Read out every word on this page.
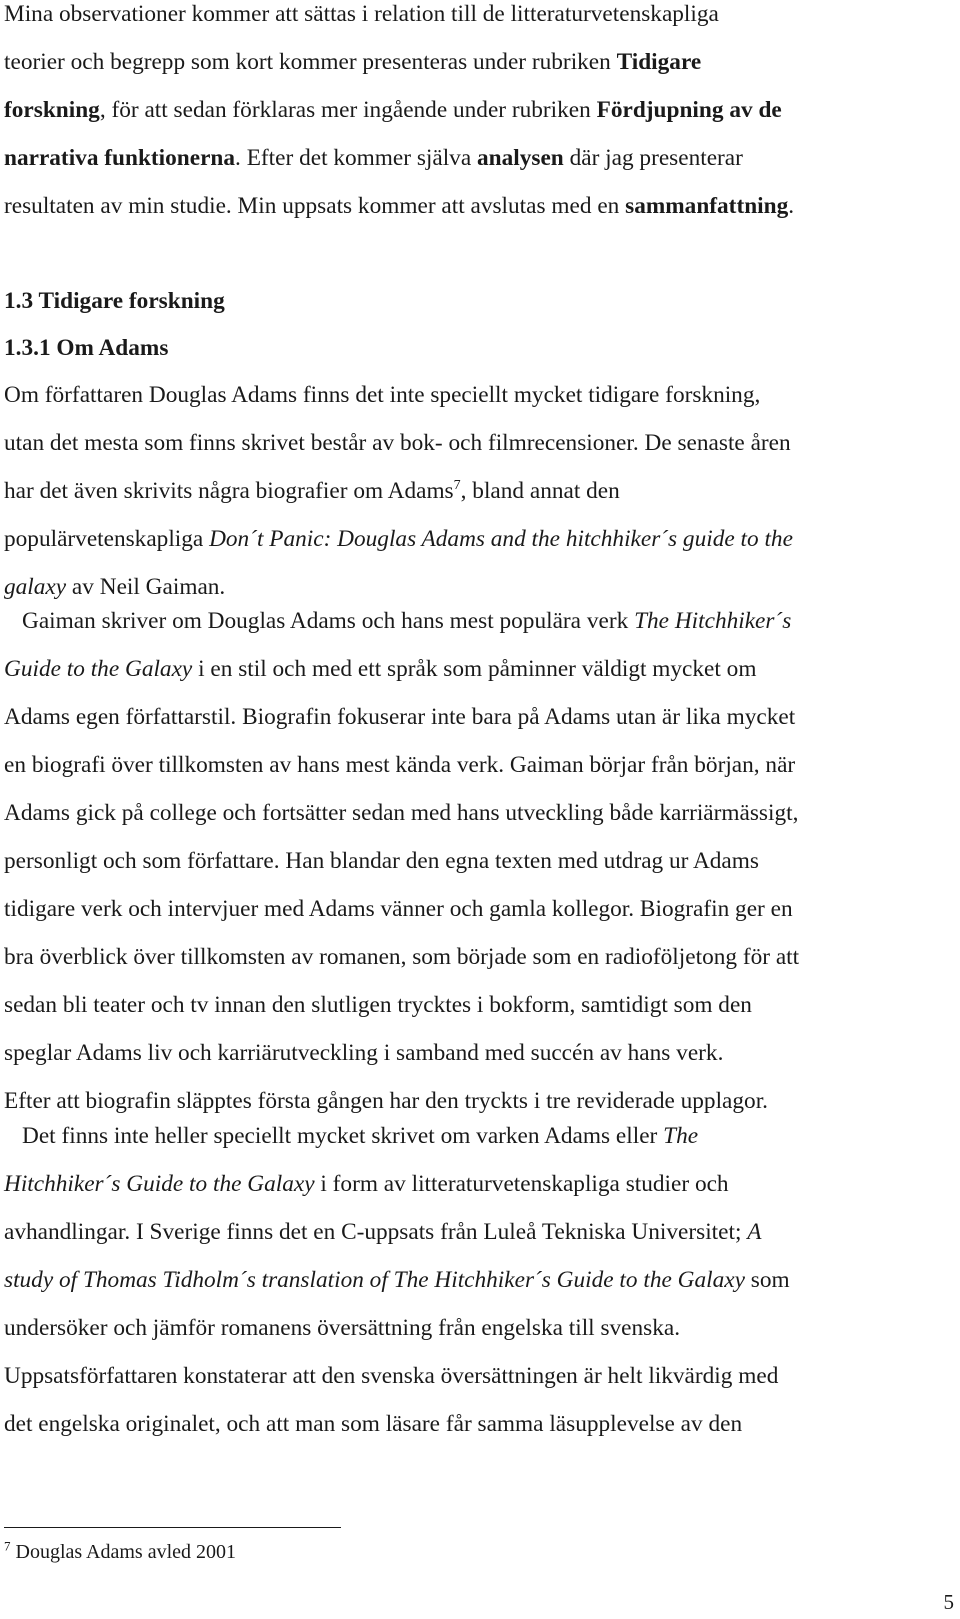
Mina observationer kommer att sättas i relation till de litteraturvetenskapliga
teorier och begrepp som kort kommer presenteras under rubriken Tidigare
forskning, för att sedan förklaras mer ingående under rubriken Fördjupning av de
narrativa funktionerna. Efter det kommer själva analysen där jag presenterar
resultaten av min studie. Min uppsats kommer att avslutas med en sammanfattning.
1.3 Tidigare forskning
1.3.1 Om Adams
Om författaren Douglas Adams finns det inte speciellt mycket tidigare forskning,
utan det mesta som finns skrivet består av bok- och filmrecensioner. De senaste åren
har det även skrivits några biografier om Adams$^7$, bland annat den
populärvetenskapliga Don´t Panic: Douglas Adams and the hitchhiker´s guide to the
galaxy av Neil Gaiman.
Gaiman skriver om Douglas Adams och hans mest populära verk The Hitchhiker´s
Guide to the Galaxy i en stil och med ett språk som påminner väldigt mycket om
Adams egen författarstil. Biografin fokuserar inte bara på Adams utan är lika mycket
en biografi över tillkomsten av hans mest kända verk. Gaiman börjar från början, när
Adams gick på college och fortsätter sedan med hans utveckling både karriärmässigt,
personligt och som författare. Han blandar den egna texten med utdrag ur Adams
tidigare verk och intervjuer med Adams vänner och gamla kollegor. Biografin ger en
bra överblick över tillkomsten av romanen, som började som en radioföljetong för att
sedan bli teater och tv innan den slutligen trycktes i bokform, samtidigt som den
speglar Adams liv och karriärutveckling i samband med succén av hans verk.
Efter att biografin släpptes första gången har den tryckts i tre reviderade upplagor.
Det finns inte heller speciellt mycket skrivet om varken Adams eller The
Hitchhiker´s Guide to the Galaxy i form av litteraturvetenskapliga studier och
avhandlingar. I Sverige finns det en C-uppsats från Luleå Tekniska Universitet; A
study of Thomas Tidholm´s translation of The Hitchhiker´s Guide to the Galaxy som
undersöker och jämför romanens översättning från engelska till svenska.
Uppsatsförfattaren konstaterar att den svenska översättningen är helt likvärdig med
det engelska originalet, och att man som läsare får samma läsupplevelse av den
$^7$ Douglas Adams avled 2001
5
